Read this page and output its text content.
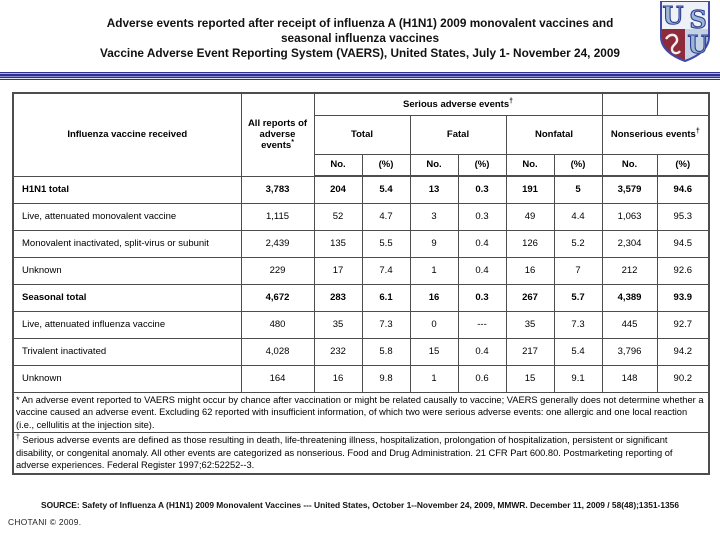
Adverse events reported after receipt of influenza A (H1N1) 2009 monovalent vaccines and
seasonal influenza vaccines
Vaccine Adverse Event Reporting System (VAERS), United States, July 1- November 24, 2009
U S
U
Influenza vaccine received	All reports of adverse events*	Serious adverse events†		
		Total		Fatal		Nonfatal		Nonserious events†
		No.	(%)	No.	(%)	No.	(%)	No.	(%)
H1N1 total	3,783	204	5.4	13	0.3	191	5	3,579	94.6
Live, attenuated monovalent vaccine	1,115	52	4.7	3	0.3	49	4.4	1,063	95.3
Monovalent inactivated, split-virus or subunit	2,439	135	5.5	9	0.4	126	5.2	2,304	94.5
Unknown	229	17	7.4	1	0.4	16	7	212	92.6
Seasonal total	4,672	283	6.1	16	0.3	267	5.7	4,389	93.9
Live, attenuated influenza vaccine	480	35	7.3	0	---	35	7.3	445	92.7
Trivalent inactivated	4,028	232	5.8	15	0.4	217	5.4	3,796	94.2
Unknown	164	16	9.8	1	0.6	15	9.1	148	90.2
* An adverse event reported to VAERS might occur by chance after vaccination or might be related causally to vaccine; VAERS generally does not determine whether a vaccine caused an adverse event. Excluding 62 reported with insufficient information, of which two were serious adverse events: one allergic and one local reaction (i.e., cellulitis at the injection site).									
† Serious adverse events are defined as those resulting in death, life-threatening illness, hospitalization, prolongation of hospitalization, persistent or significant disability, or congenital anomaly. All other events are categorized as nonserious. Food and Drug Administration. 21 CFR Part 600.80. Postmarketing reporting of adverse experiences. Federal Register 1997;62:52252--3.									
SOURCE: Safety of Influenza A (H1N1) 2009 Monovalent Vaccines --- United States, October 1--November 24, 2009, MMWR. December 11, 2009 / 58(48);1351-1356
CHOTANI © 2009.
